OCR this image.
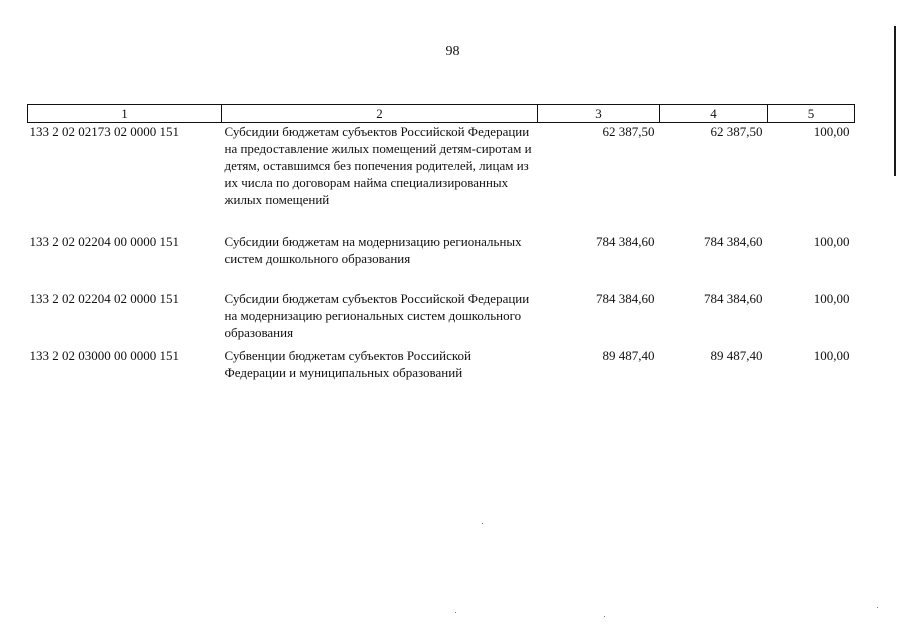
98
1	2	3	4	5
133 2 02 02173 02 0000 151	Субсидии бюджетам субъектов Российской Федерации на предоставление жилых помещений детям-сиротам и детям, оставшимся без попечения родителей, лицам из их числа по договорам найма специализированных жилых помещений	62 387,50	62 387,50	100,00
133 2 02 02204 00 0000 151	Субсидии бюджетам на модернизацию региональных систем дошкольного образования	784 384,60	784 384,60	100,00
133 2 02 02204 02 0000 151	Субсидии бюджетам субъектов Российской Федерации на модернизацию региональных систем дошкольного образования	784 384,60	784 384,60	100,00
133 2 02 03000 00 0000 151	Субвенции бюджетам субъектов Российской Федерации и муниципальных образований	89 487,40	89 487,40	100,00
